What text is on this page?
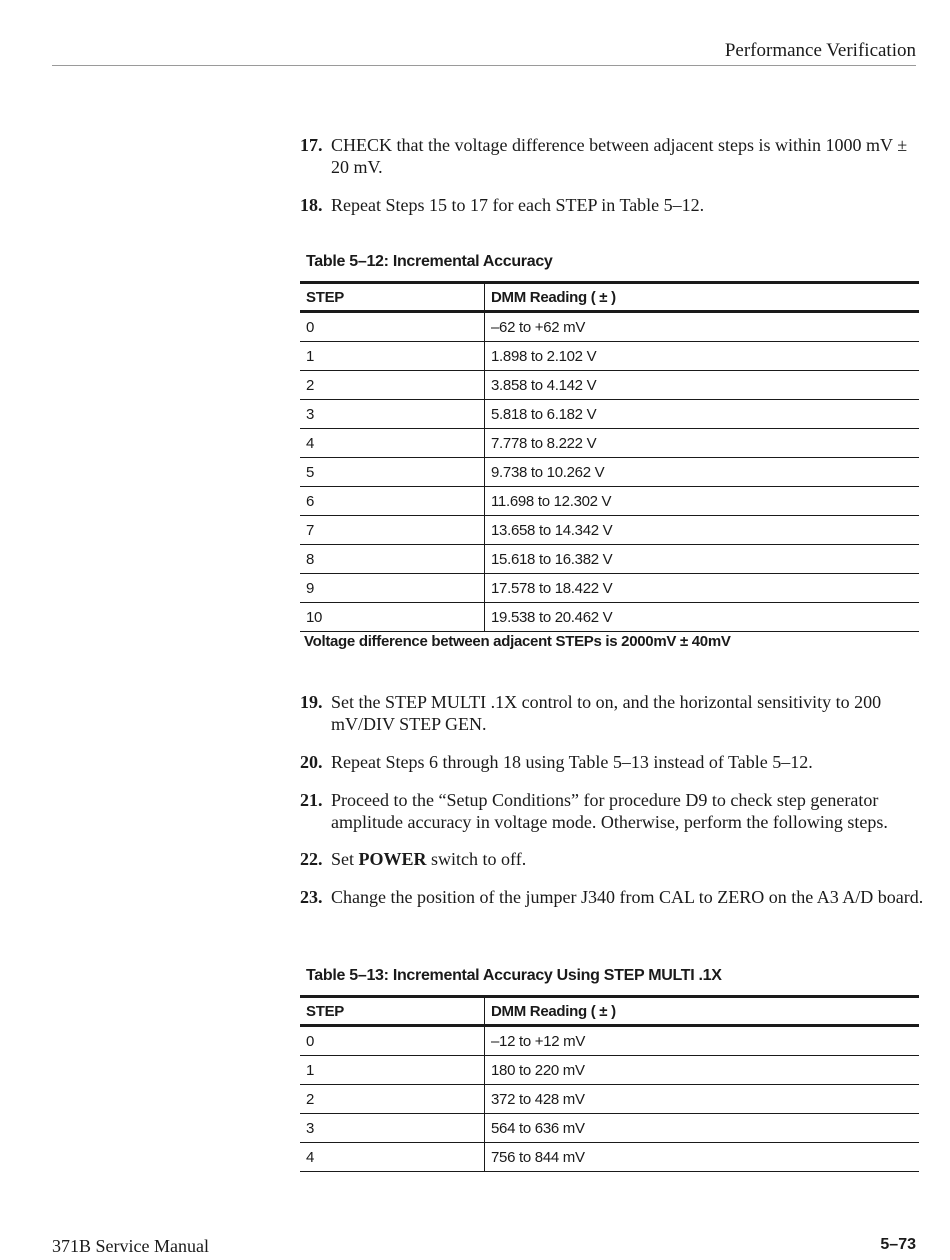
Performance Verification
17. CHECK that the voltage difference between adjacent steps is within 1000 mV ± 20 mV.
18. Repeat Steps 15 to 17 for each STEP in Table 5–12.
Table 5–12: Incremental Accuracy
STEP	DMM Reading ( ± )
0	–62 to +62 mV
1	1.898 to 2.102 V
2	3.858 to 4.142 V
3	5.818 to 6.182 V
4	7.778 to 8.222 V
5	9.738 to 10.262 V
6	11.698 to 12.302 V
7	13.658 to 14.342 V
8	15.618 to 16.382 V
9	17.578 to 18.422 V
10	19.538 to 20.462 V
Voltage difference between adjacent STEPs is 2000mV ± 40mV
19. Set the STEP MULTI .1X control to on, and the horizontal sensitivity to 200 mV/DIV STEP GEN.
20. Repeat Steps 6 through 18 using Table 5–13 instead of Table 5–12.
21. Proceed to the “Setup Conditions” for procedure D9 to check step generator amplitude accuracy in voltage mode. Otherwise, perform the following steps.
22. Set POWER switch to off.
23. Change the position of the jumper J340 from CAL to ZERO on the A3 A/D board.
Table 5–13: Incremental Accuracy Using STEP MULTI .1X
STEP	DMM Reading ( ± )
0	–12 to +12 mV
1	180 to 220 mV
2	372 to 428 mV
3	564 to 636 mV
4	756 to 844 mV
371B Service Manual	5–73
